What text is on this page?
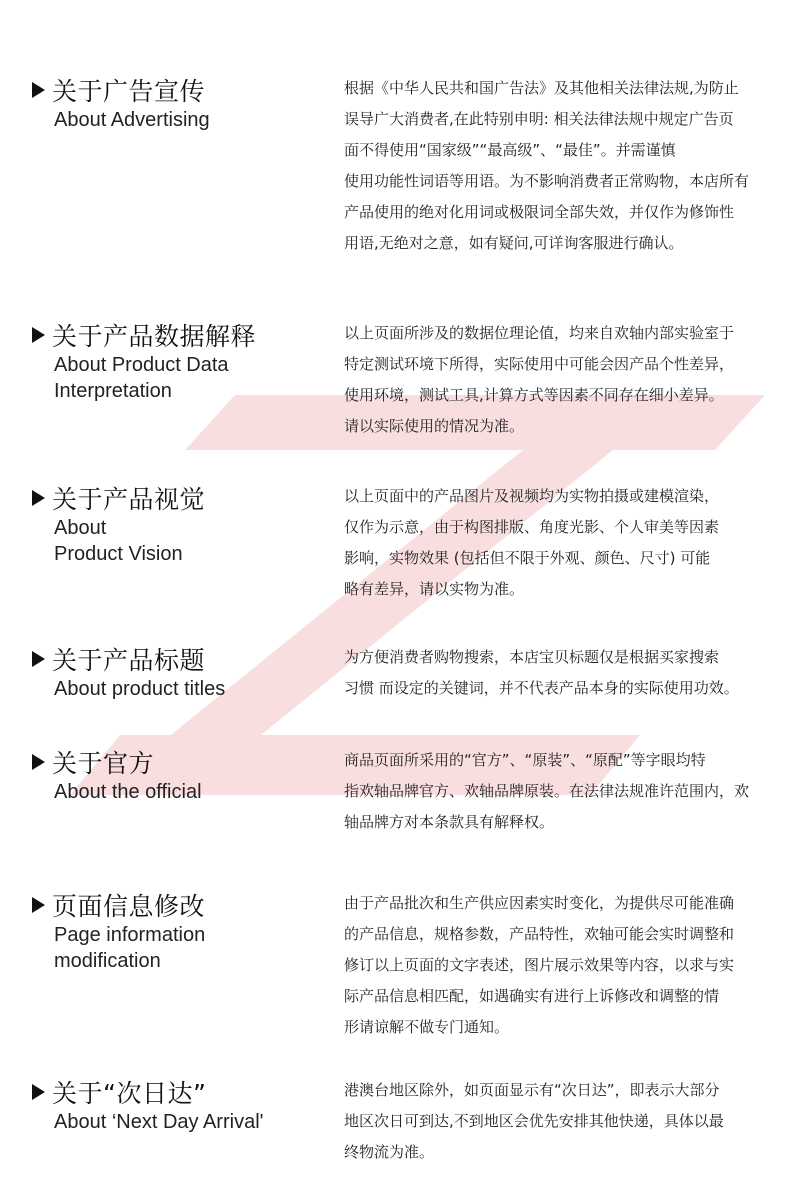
关于广告宣传
About Advertising
根据《中华人民共和国广告法》及其他相关法律法规,为防止
误导广大消费者,在此特别申明: 相关法律法规中规定广告页
面不得使用“国家级”“最高级”、“最佳”。并需谨慎
使用功能性词语等用语。为不影响消费者正常购物，本店所有
产品使用的绝对化用词或极限词全部失效，并仅作为修饰性
用语,无绝对之意，如有疑问,可详询客服进行确认。
关于产品数据解释
About Product Data
Interpretation
以上页面所涉及的数据位理论值，均来自欢轴内部实验室于
特定测试环境下所得，实际使用中可能会因产品个性差异，
使用环境，测试工具,计算方式等因素不同存在细小差异。
请以实际使用的情况为准。
关于产品视觉
About
Product Vision
以上页面中的产品图片及视频均为实物拍摄或建模渲染，
仅作为示意，由于构图排版、角度光影、个人审美等因素
影响，实物效果 (包括但不限于外观、颜色、尺寸) 可能
略有差异，请以实物为准。
关于产品标题
About product titles
为方便消费者购物搜索，本店宝贝标题仅是根据买家搜索
习惯 而设定的关键词，并不代表产品本身的实际使用功效。
关于官方
About the official
商品页面所采用的“官方”、“原装”、“原配”等字眼均特
指欢轴品牌官方、欢轴品牌原装。在法律法规准许范围内，欢
轴品牌方对本条款具有解释权。
页面信息修改
Page information
modification
由于产品批次和生产供应因素实时变化，为提供尽可能准确
的产品信息，规格参数，产品特性，欢轴可能会实时调整和
修订以上页面的文字表述，图片展示效果等内容，以求与实
际产品信息相匹配，如遇确实有进行上诉修改和调整的情
形请谅解不做专门通知。
关于“次日达”
About ‘Next Day Arrival'
港澳台地区除外，如页面显示有“次日达”，即表示大部分
地区次日可到达,不到地区会优先安排其他快递，具体以最
终物流为准。
